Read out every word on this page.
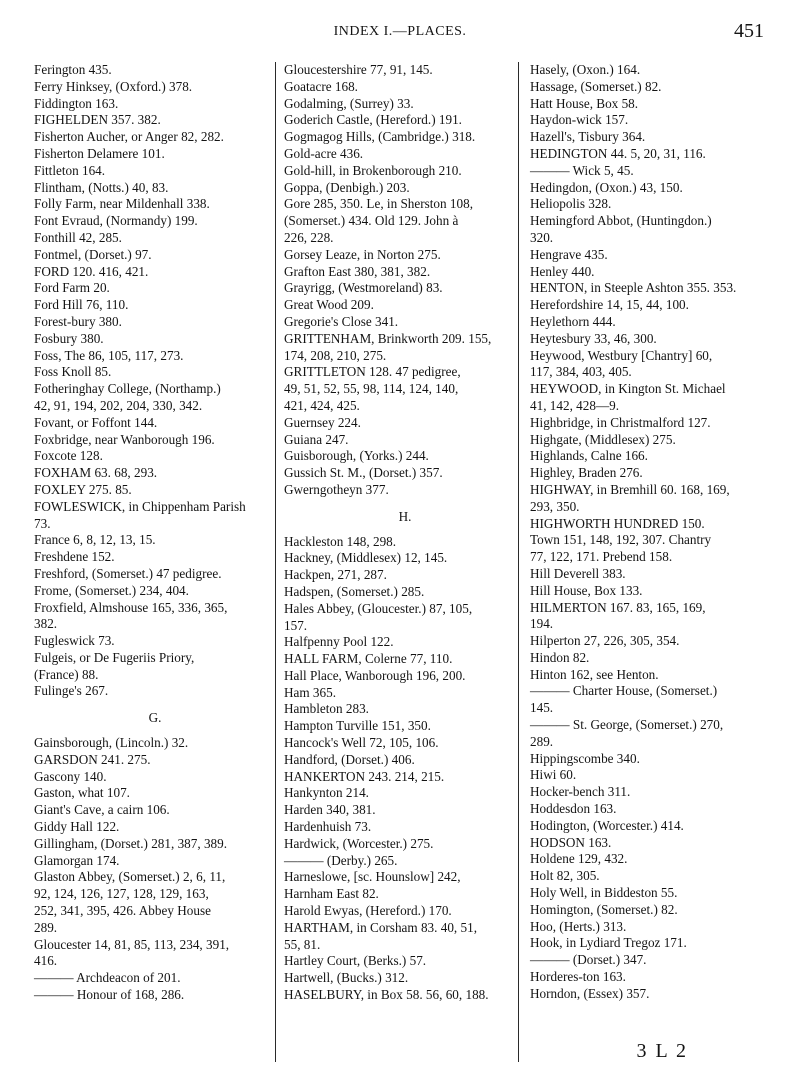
INDEX I.—PLACES.	451
Ferington 435.
Ferry Hinksey, (Oxford.) 378.
Fiddington 163.
FIGHELDEN 357. 382.
Fisherton Aucher, or Anger 82, 282.
Fisherton Delamere 101.
Fittleton 164.
Flintham, (Notts.) 40, 83.
Folly Farm, near Mildenhall 338.
Font Evraud, (Normandy) 199.
Fonthill 42, 285.
Fontmel, (Dorset.) 97.
FORD 120. 416, 421.
Ford Farm 20.
Ford Hill 76, 110.
Forest-bury 380.
Fosbury 380.
Foss, The 86, 105, 117, 273.
Foss Knoll 85.
Fotheringhay College, (Northamp.)
42, 91, 194, 202, 204, 330, 342.
Fovant, or Foffont 144.
Foxbridge, near Wanborough 196.
Foxcote 128.
FOXHAM 63. 68, 293.
FOXLEY 275. 85.
FOWLESWICK, in Chippenham Parish
73.
France 6, 8, 12, 13, 15.
Freshdene 152.
Freshford, (Somerset.) 47 pedigree.
Frome, (Somerset.) 234, 404.
Froxfield, Almshouse 165, 336, 365,
382.
Fugleswick 73.
Fulgeis, or De Fugeriis Priory,
(France) 88.
Fulinge's 267.
G.
Gainsborough, (Lincoln.) 32.
GARSDON 241. 275.
Gascony 140.
Gaston, what 107.
Giant's Cave, a cairn 106.
Giddy Hall 122.
Gillingham, (Dorset.) 281, 387, 389.
Glamorgan 174.
Glaston Abbey, (Somerset.) 2, 6, 11,
92, 124, 126, 127, 128, 129, 163,
252, 341, 395, 426. Abbey House
289.
Gloucester 14, 81, 85, 113, 234, 391,
416.
——— Archdeacon of 201.
——— Honour of 168, 286.
Gloucestershire 77, 91, 145.
Goatacre 168.
Godalming, (Surrey) 33.
Goderich Castle, (Hereford.) 191.
Gogmagog Hills, (Cambridge.) 318.
Gold-acre 436.
Gold-hill, in Brokenborough 210.
Goppa, (Denbigh.) 203.
Gore 285, 350. Le, in Sherston 108,
(Somerset.) 434. Old 129. John à
226, 228.
Gorsey Leaze, in Norton 275.
Grafton East 380, 381, 382.
Grayrigg, (Westmoreland) 83.
Great Wood 209.
Gregorie's Close 341.
GRITTENHAM, Brinkworth 209. 155,
174, 208, 210, 275.
GRITTLETON 128. 47 pedigree,
49, 51, 52, 55, 98, 114, 124, 140,
421, 424, 425.
Guernsey 224.
Guiana 247.
Guisborough, (Yorks.) 244.
Gussich St. M., (Dorset.) 357.
Gwerngotheyn 377.
H.
Hackleston 148, 298.
Hackney, (Middlesex) 12, 145.
Hackpen, 271, 287.
Hadspen, (Somerset.) 285.
Hales Abbey, (Gloucester.) 87, 105,
157.
Halfpenny Pool 122.
HALL FARM, Colerne 77, 110.
Hall Place, Wanborough 196, 200.
Ham 365.
Hambleton 283.
Hampton Turville 151, 350.
Hancock's Well 72, 105, 106.
Handford, (Dorset.) 406.
HANKERTON 243. 214, 215.
Hankynton 214.
Harden 340, 381.
Hardenhuish 73.
Hardwick, (Worcester.) 275.
——— (Derby.) 265.
Harneslowe, [sc. Hounslow] 242,
Harnham East 82.
Harold Ewyas, (Hereford.) 170.
HARTHAM, in Corsham 83. 40, 51,
55, 81.
Hartley Court, (Berks.) 57.
Hartwell, (Bucks.) 312.
HASELBURY, in Box 58. 56, 60, 188.
Hasely, (Oxon.) 164.
Hassage, (Somerset.) 82.
Hatt House, Box 58.
Haydon-wick 157.
Hazell's, Tisbury 364.
HEDINGTON 44. 5, 20, 31, 116.
——— Wick 5, 45.
Hedingdon, (Oxon.) 43, 150.
Heliopolis 328.
Hemingford Abbot, (Huntingdon.)
320.
Hengrave 435.
Henley 440.
HENTON, in Steeple Ashton 355. 353.
Herefordshire 14, 15, 44, 100.
Heylethorn 444.
Heytesbury 33, 46, 300.
Heywood, Westbury [Chantry] 60,
117, 384, 403, 405.
HEYWOOD, in Kington St. Michael
41, 142, 428—9.
Highbridge, in Christmalford 127.
Highgate, (Middlesex) 275.
Highlands, Calne 166.
Highley, Braden 276.
HIGHWAY, in Bremhill 60. 168, 169,
293, 350.
HIGHWORTH HUNDRED 150.
Town 151, 148, 192, 307. Chantry
77, 122, 171. Prebend 158.
Hill Deverell 383.
Hill House, Box 133.
HILMERTON 167. 83, 165, 169,
194.
Hilperton 27, 226, 305, 354.
Hindon 82.
Hinton 162, see Henton.
——— Charter House, (Somerset.)
145.
——— St. George, (Somerset.) 270,
289.
Hippingscombe 340.
Hiwi 60.
Hocker-bench 311.
Hoddesdon 163.
Hodington, (Worcester.) 414.
HODSON 163.
Holdene 129, 432.
Holt 82, 305.
Holy Well, in Biddeston 55.
Homington, (Somerset.) 82.
Hoo, (Herts.) 313.
Hook, in Lydiard Tregoz 171.
——— (Dorset.) 347.
Horderes-ton 163.
Horndon, (Essex) 357.
3 L 2
